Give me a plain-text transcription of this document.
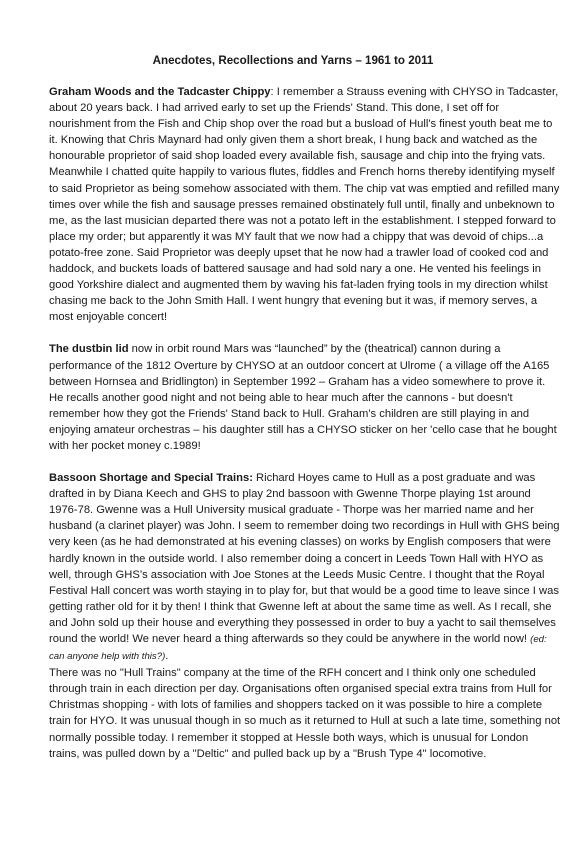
Anecdotes, Recollections and Yarns – 1961 to 2011

Graham Woods and the Tadcaster Chippy: I remember a Strauss evening with CHYSO in Tadcaster, about 20 years back. I had arrived early to set up the Friends' Stand. This done, I set off for nourishment from the Fish and Chip shop over the road but a busload of Hull's finest youth beat me to it. Knowing that Chris Maynard had only given them a short break, I hung back and watched as the honourable proprietor of said shop loaded every available fish, sausage and chip into the frying vats. Meanwhile I chatted quite happily to various flutes, fiddles and French horns thereby identifying myself to said Proprietor as being somehow associated with them. The chip vat was emptied and refilled many times over while the fish and sausage presses remained obstinately full until, finally and unbeknown to me, as the last musician departed there was not a potato left in the establishment. I stepped forward to place my order; but apparently it was MY fault that we now had a chippy that was devoid of chips...a potato-free zone. Said Proprietor was deeply upset that he now had a trawler load of cooked cod and haddock, and buckets loads of battered sausage and had sold nary a one. He vented his feelings in good Yorkshire dialect and augmented them by waving his fat-laden frying tools in my direction whilst chasing me back to the John Smith Hall. I went hungry that evening but it was, if memory serves, a most enjoyable concert!

The dustbin lid now in orbit round Mars was “launched” by the (theatrical) cannon during a performance of the 1812 Overture by CHYSO at an outdoor concert at Ulrome ( a village off the A165 between Hornsea and Bridlington) in September 1992 – Graham has a video somewhere to prove it. He recalls another good night and not being able to hear much after the cannons - but doesn't remember how they got the Friends' Stand back to Hull. Graham’s children are still playing in and enjoying amateur orchestras – his daughter still has a CHYSO sticker on her 'cello case that he bought with her pocket money c.1989!

Bassoon Shortage and Special Trains: Richard Hoyes came to Hull as a post graduate and was drafted in by Diana Keech and GHS to play 2nd bassoon with Gwenne Thorpe playing 1st around 1976-78. Gwenne was a Hull University musical graduate - Thorpe was her married name and her husband (a clarinet player) was John. I seem to remember doing two recordings in Hull with GHS being very keen (as he had demonstrated at his evening classes) on works by English composers that were hardly known in the outside world. I also remember doing a concert in Leeds Town Hall with HYO as well, through GHS’s association with Joe Stones at the Leeds Music Centre. I thought that the Royal Festival Hall concert was worth staying in to play for, but that would be a good time to leave since I was getting rather old for it by then! I think that Gwenne left at about the same time as well. As I recall, she and John sold up their house and everything they possessed in order to buy a yacht to sail themselves round the world! We never heard a thing afterwards so they could be anywhere in the world now! (ed: can anyone help with this?).
There was no "Hull Trains" company at the time of the RFH concert and I think only one scheduled through train in each direction per day. Organisations often organised special extra trains from Hull for Christmas shopping - with lots of families and shoppers tacked on it was possible to hire a complete train for HYO. It was unusual though in so much as it returned to Hull at such a late time, something not normally possible today. I remember it stopped at Hessle both ways, which is unusual for London trains, was pulled down by a "Deltic" and pulled back up by a "Brush Type 4" locomotive.
